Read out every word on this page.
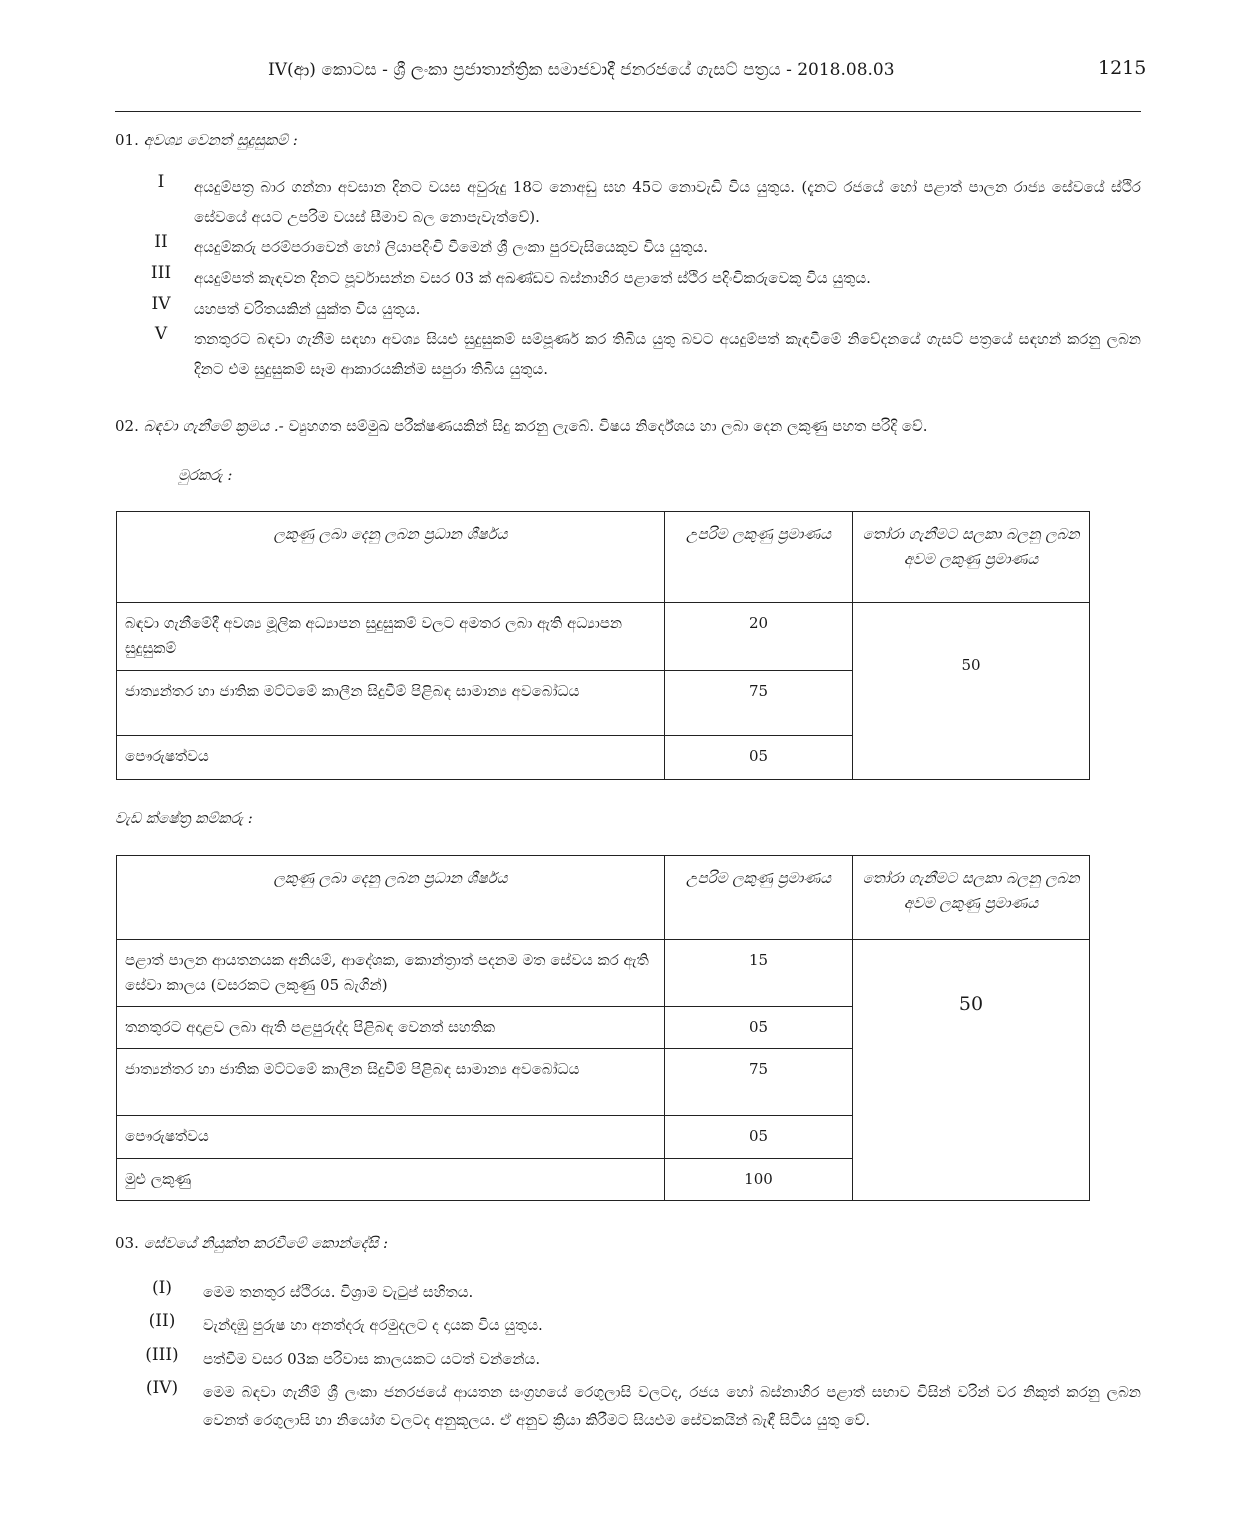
IV(ආ) කොටස - ශ්‍රී ලංකා ප්‍රජාතාන්ත්‍රික සමාජවාදී ජනරජයේ ගැසට් පත්‍රය - 2018.08.03	1215
01. අවශ්‍ය වෙනත් සුදුසුකම් :
I	අයදුම්පත්‍ර බාර ගන්නා අවසාන දිනට වයස අවුරුදු 18ට නොඅඩු සහ 45ට නොවැඩි විය යුතුය. (දැනට රජයේ හෝ පළාත් පාලන රාජ්‍ය සේවයේ ස්ථිර සේවයේ අයට උපරිම වයස් සීමාව බල නොපැවැත්වේ).
II	අයදුම්කරු පරම්පරාවෙන් හෝ ලියාපදිංචි වීමෙන් ශ්‍රී ලංකා පුරවැසියෙකුව විය යුතුය.
III	අයදුම්පත් කැඳවන දිනට පූර්වාසන්න වසර 03 ක් අඛණ්ඩව බස්නාහිර පළාතේ ස්ථිර පදිංචිකරුවෙකු විය යුතුය.
IV	යහපත් චරිතයකින් යුක්ත විය යුතුය.
V	තනතුරට බඳවා ගැනීම සඳහා අවශ්‍ය සියළු සුදුසුකම් සම්පූර්ණ කර තිබිය යුතු බවට අයදුම්පත් කැඳවීමේ නිවේදනයේ ගැසට් පත්‍රයේ සඳහන් කරනු ලබන දිනට එම සුදුසුකම් සෑම ආකාරයකින්ම සපුරා තිබිය යුතුය.
02. බඳවා ගැනීමේ ක්‍රමය .- ව්‍යුහගත සම්මුඛ පරීක්ෂණයකින් සිදු කරනු ලැබේ. විෂය නිර්දේශය හා ලබා දෙන ලකුණු පහත පරිදි වේ.
මුරකරු :
ලකුණු ලබා දෙනු ලබන ප්‍රධාන ශීර්ෂය	උපරිම ලකුණු ප්‍රමාණය	තෝරා ගැනීමට සලකා බලනු ලබන අවම ලකුණු ප්‍රමාණය
බඳවා ගැනීමේදී අවශ්‍ය මූලික අධ්‍යාපන සුදුසුකම් වලට අමතර ලබා ඇති අධ්‍යාපන සුදුසුකම්	20	50
ජාත්‍යන්තර හා ජාතික මට්ටමේ කාලීන සිදුවීම් පිළිබඳ සාමාන්‍ය අවබෝධය	75	
පෞරුෂත්වය	05	
වැඩ ක්ෂේත්‍ර කම්කරු :
ලකුණු ලබා දෙනු ලබන ප්‍රධාන ශීර්ෂය	උපරිම ලකුණු ප්‍රමාණය	තෝරා ගැනීමට සලකා බලනු ලබන අවම ලකුණු ප්‍රමාණය
පළාත් පාලන ආයතනයක අනියම්, ආදේශක, කොන්ත්‍රාත් පදනම මත සේවය කර ඇති සේවා කාලය (වසරකට ලකුණු 05 බැගින්)	15	50
තනතුරට අදාළව ලබා ඇති පළපුරුද්ද පිළිබඳ වෙනත් සහතික	05	
ජාත්‍යන්තර හා ජාතික මට්ටමේ කාලීන සිදුවීම් පිළිබඳ සාමාන්‍ය අවබෝධය	75	
පෞරුෂත්වය	05	
මුළු ලකුණු	100	
03. සේවයේ නියුක්ත කරවීමේ කොන්දේසි :
(I)	මෙම තනතුර ස්ථිරය. විශ්‍රාම වැටුප් සහිතය.
(II)	වැන්දඹු පුරුෂ හා අනත්දරු අරමුදලට ද දායක විය යුතුය.
(III)	පත්වීම වසර 03ක පරිවාස කාලයකට යටත් වන්නේය.
(IV)	මෙම බඳවා ගැනීම් ශ්‍රී ලංකා ජනරජයේ ආයතන සංග්‍රහයේ රෙගුලාසි වලටද, රජය හෝ බස්නාහිර පළාත් සභාව විසින් වරින් වර නිකුත් කරනු ලබන වෙනත් රෙගුලාසි හා නියෝග වලටද අනුකූලය. ඒ අනුව ක්‍රියා කිරීමට සියළුම සේවකයින් බැඳී සිටිය යුතු වේ.
